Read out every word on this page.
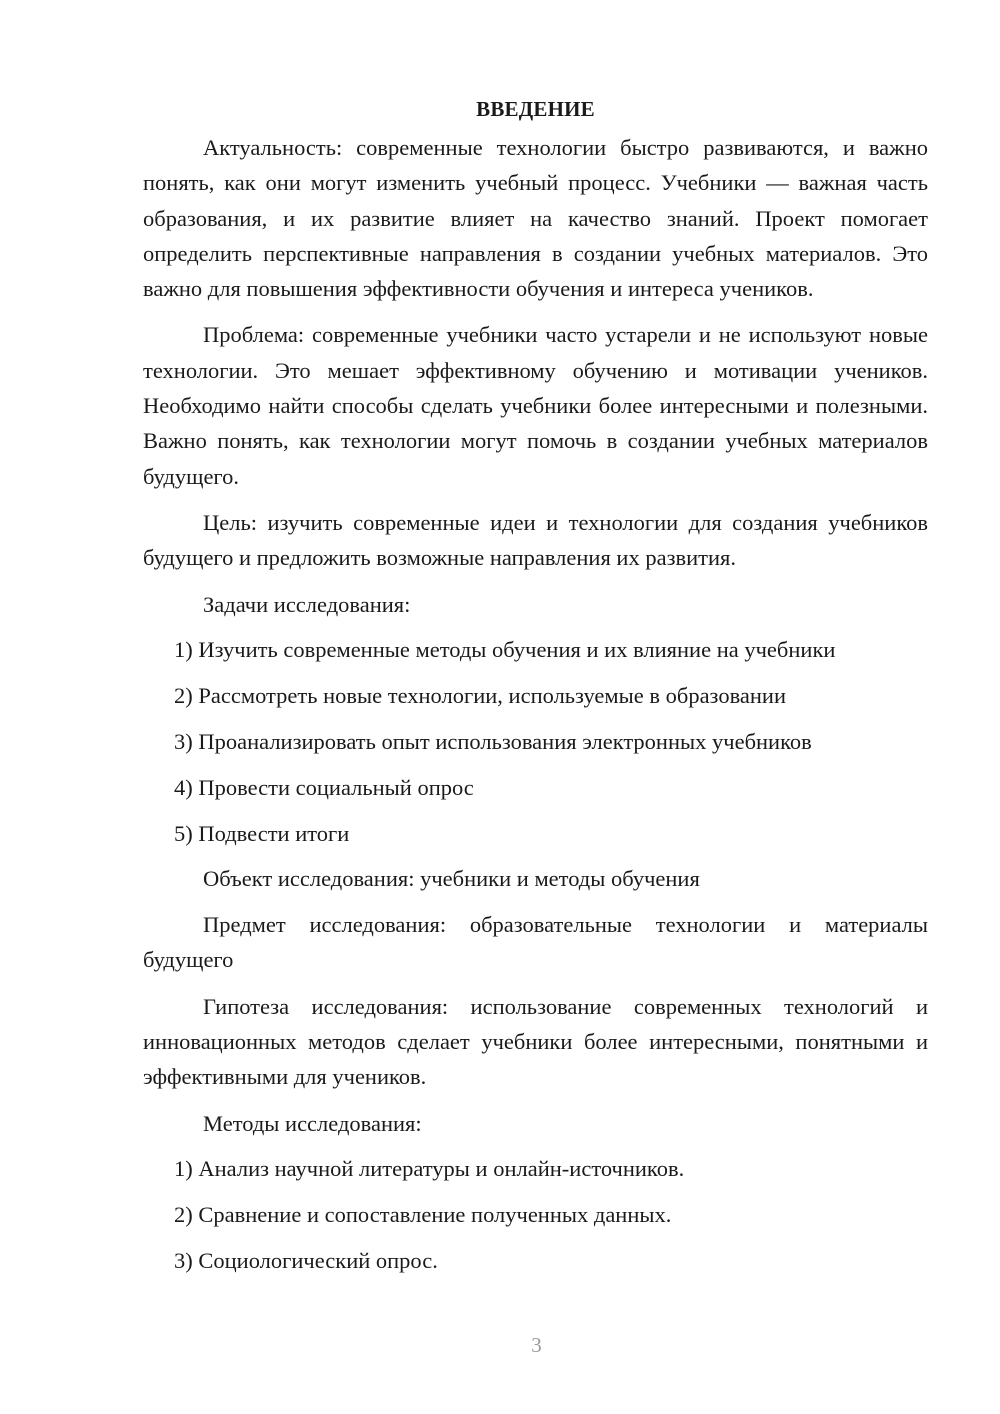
ВВЕДЕНИЕ

Актуальность: современные технологии быстро развиваются, и важно понять, как они могут изменить учебный процесс. Учебники — важная часть образования, и их развитие влияет на качество знаний. Проект помогает определить перспективные направления в создании учебных материалов. Это важно для повышения эффективности обучения и интереса учеников.

Проблема: современные учебники часто устарели и не используют новые технологии. Это мешает эффективному обучению и мотивации учеников. Необходимо найти способы сделать учебники более интересными и полезными. Важно понять, как технологии могут помочь в создании учебных материалов будущего.

Цель: изучить современные идеи и технологии для создания учебников будущего и предложить возможные направления их развития.

Задачи исследования:

1) Изучить современные методы обучения и их влияние на учебники

2) Рассмотреть новые технологии, используемые в образовании

3) Проанализировать опыт использования электронных учебников

4) Провести социальный опрос

5) Подвести итоги

Объект исследования: учебники и методы обучения

Предмет исследования: образовательные технологии и материалы будущего

Гипотеза исследования: использование современных технологий и инновационных методов сделает учебники более интересными, понятными и эффективными для учеников.

Методы исследования:

1) Анализ научной литературы и онлайн-источников.

2) Сравнение и сопоставление полученных данных.

3) Социологический опрос.

3
